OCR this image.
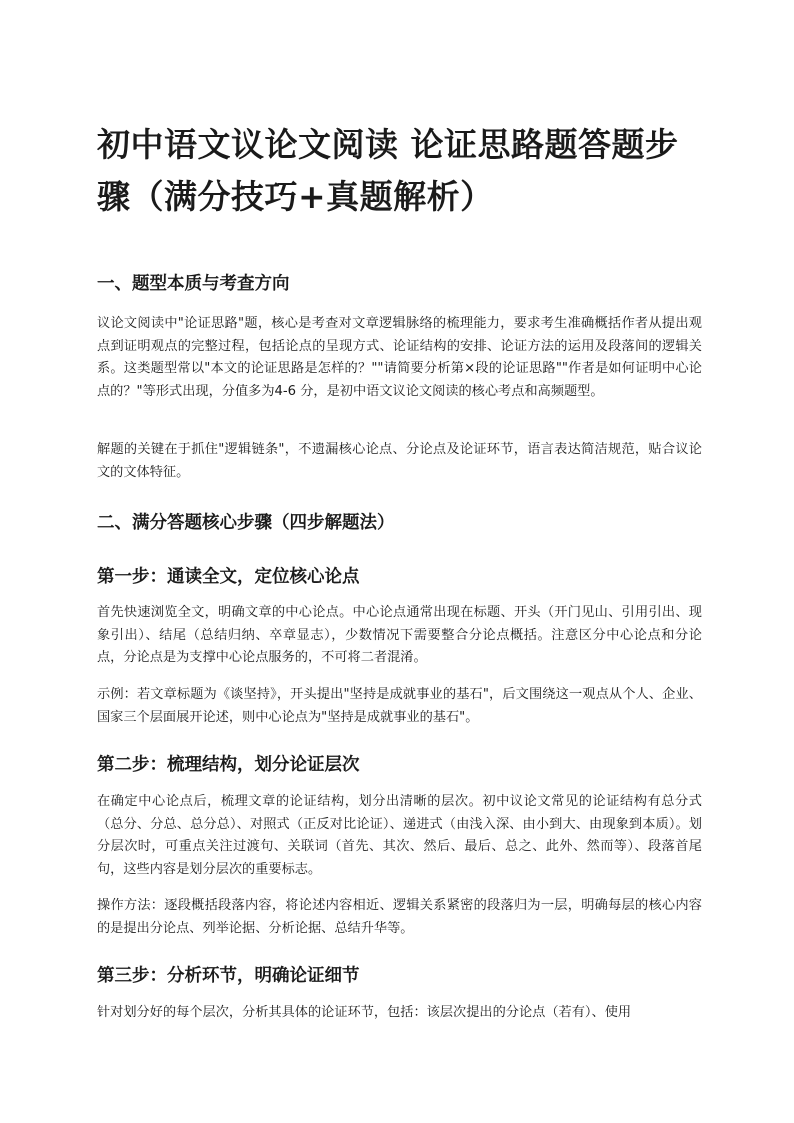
初中语文议论文阅读 论证思路题答题步骤（满分技巧+真题解析）
一、题型本质与考查方向

议论文阅读中"论证思路"题，核心是考查对文章逻辑脉络的梳理能力，要求考生准确概括作者从提出观点到证明观点的完整过程，包括论点的呈现方式、论证结构的安排、论证方法的运用及段落间的逻辑关系。这类题型常以"本文的论证思路是怎样的？""请简要分析第×段的论证思路""作者是如何证明中心论点的？"等形式出现，分值多为4-6 分，是初中语文议论文阅读的核心考点和高频题型。

解题的关键在于抓住"逻辑链条"，不遗漏核心论点、分论点及论证环节，语言表达简洁规范，贴合议论文的文体特征。

二、满分答题核心步骤（四步解题法）
第一步：通读全文，定位核心论点

首先快速浏览全文，明确文章的中心论点。中心论点通常出现在标题、开头（开门见山、引用引出、现象引出）、结尾（总结归纳、卒章显志），少数情况下需要整合分论点概括。注意区分中心论点和分论点，分论点是为支撑中心论点服务的，不可将二者混淆。

示例：若文章标题为《谈坚持》，开头提出"坚持是成就事业的基石"，后文围绕这一观点从个人、企业、国家三个层面展开论述，则中心论点为"坚持是成就事业的基石"。

第二步：梳理结构，划分论证层次

在确定中心论点后，梳理文章的论证结构，划分出清晰的层次。初中议论文常见的论证结构有总分式（总分、分总、总分总）、对照式（正反对比论证）、递进式（由浅入深、由小到大、由现象到本质）。划分层次时，可重点关注过渡句、关联词（首先、其次、然后、最后、总之、此外、然而等）、段落首尾句，这些内容是划分层次的重要标志。

操作方法：逐段概括段落内容，将论述内容相近、逻辑关系紧密的段落归为一层，明确每层的核心内容的是提出分论点、列举论据、分析论据、总结升华等。

第三步：分析环节，明确论证细节

针对划分好的每个层次，分析其具体的论证环节，包括：该层次提出的分论点（若有）、使用
